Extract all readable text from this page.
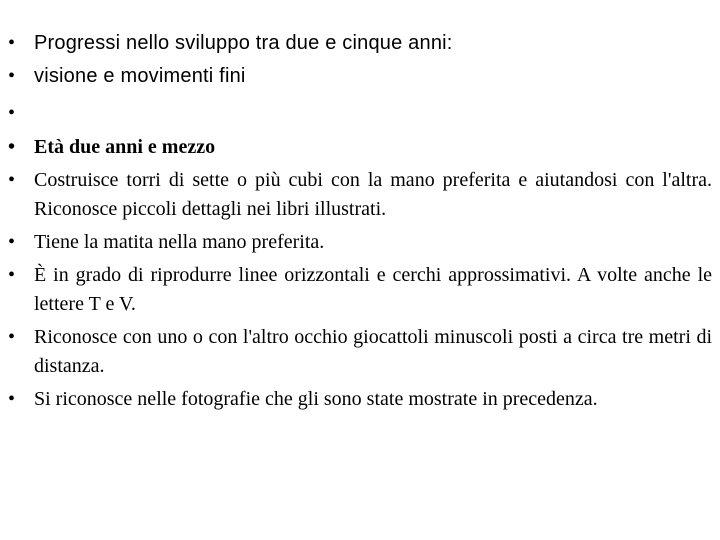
• Progressi nello sviluppo tra due e cinque anni:
• visione e movimenti fini
•
• Età due anni e mezzo
• Costruisce torri di sette o più cubi con la mano preferita e aiutandosi con l'altra. Riconosce piccoli dettagli nei libri illustrati.
• Tiene la matita nella mano preferita.
• È in grado di riprodurre linee orizzontali e cerchi approssimativi. A volte anche le lettere T e V.
• Riconosce con uno o con l'altro occhio giocattoli minuscoli posti a circa tre metri di distanza.
• Si riconosce nelle fotografie che gli sono state mostrate in precedenza.
